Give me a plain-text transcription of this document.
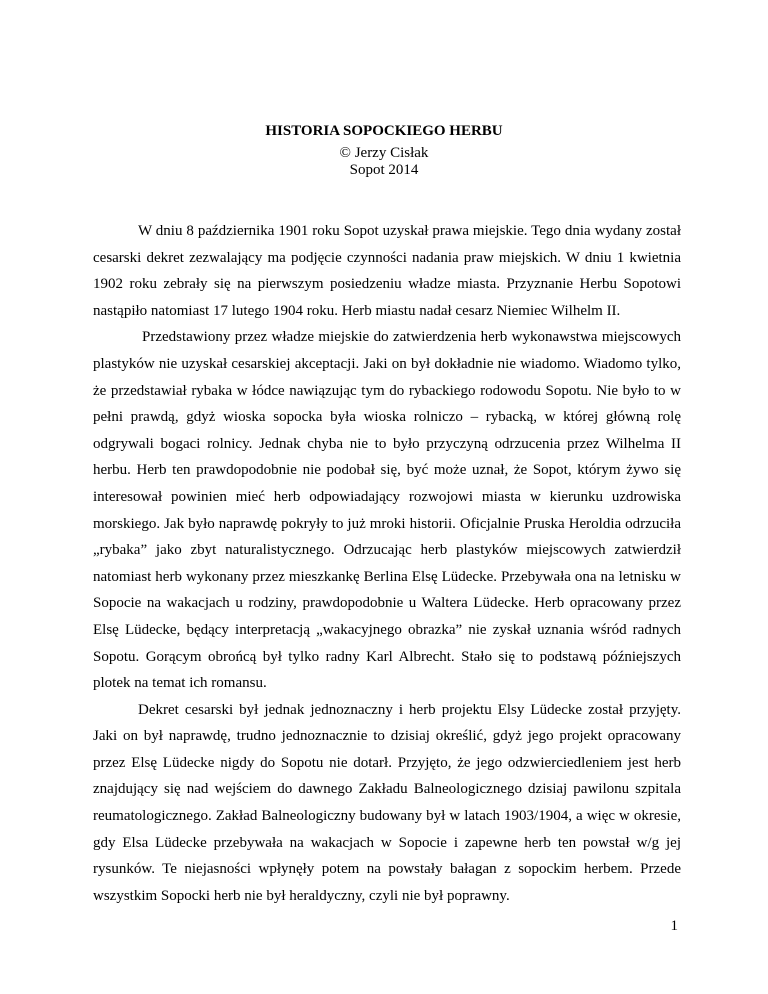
HISTORIA SOPOCKIEGO HERBU
© Jerzy Cisłak
Sopot 2014

W dniu 8 października 1901 roku Sopot uzyskał prawa miejskie. Tego dnia wydany został cesarski dekret zezwalający ma podjęcie czynności nadania praw miejskich. W dniu 1 kwietnia 1902 roku zebrały się na pierwszym posiedzeniu władze miasta. Przyznanie Herbu Sopotowi nastąpiło natomiast 17 lutego 1904 roku. Herb miastu nadał cesarz Niemiec Wilhelm II.

Przedstawiony przez władze miejskie do zatwierdzenia herb wykonawstwa miejscowych plastyków nie uzyskał cesarskiej akceptacji. Jaki on był dokładnie nie wiadomo. Wiadomo tylko, że przedstawiał rybaka w łódce nawiązując tym do rybackiego rodowodu Sopotu. Nie było to w pełni prawdą, gdyż wioska sopocka była wioska rolniczo – rybacką, w której główną rolę odgrywali bogaci rolnicy. Jednak chyba nie to było przyczyną odrzucenia przez Wilhelma II herbu. Herb ten prawdopodobnie nie podobał się, być może uznał, że Sopot, którym żywo się interesował powinien mieć herb odpowiadający rozwojowi miasta w kierunku uzdrowiska morskiego. Jak było naprawdę pokryły to już mroki historii. Oficjalnie Pruska Heroldia odrzuciła „rybaka” jako zbyt naturalistycznego. Odrzucając herb plastyków miejscowych zatwierdził natomiast herb wykonany przez mieszkankę Berlina Elsę Lüdecke. Przebywała ona na letnisku w Sopocie na wakacjach u rodziny, prawdopodobnie u Waltera Lüdecke. Herb opracowany przez Elsę Lüdecke, będący interpretacją „wakacyjnego obrazka” nie zyskał uznania wśród radnych Sopotu. Gorącym obrońcą był tylko radny Karl Albrecht. Stało się to podstawą późniejszych plotek na temat ich romansu.

Dekret cesarski był jednak jednoznaczny i herb projektu Elsy Lüdecke został przyjęty. Jaki on był naprawdę, trudno jednoznacznie to dzisiaj określić, gdyż jego projekt opracowany przez Elsę Lüdecke nigdy do Sopotu nie dotarł. Przyjęto, że jego odzwierciedleniem jest herb znajdujący się nad wejściem do dawnego Zakładu Balneologicznego dzisiaj pawilonu szpitala reumatologicznego. Zakład Balneologiczny budowany był w latach 1903/1904, a więc w okresie, gdy Elsa Lüdecke przebywała na wakacjach w Sopocie i zapewne herb ten powstał w/g jej rysunków. Te niejasności wpłynęły potem na powstały bałagan z sopockim herbem. Przede wszystkim Sopocki herb nie był heraldyczny, czyli nie był poprawny.

1
